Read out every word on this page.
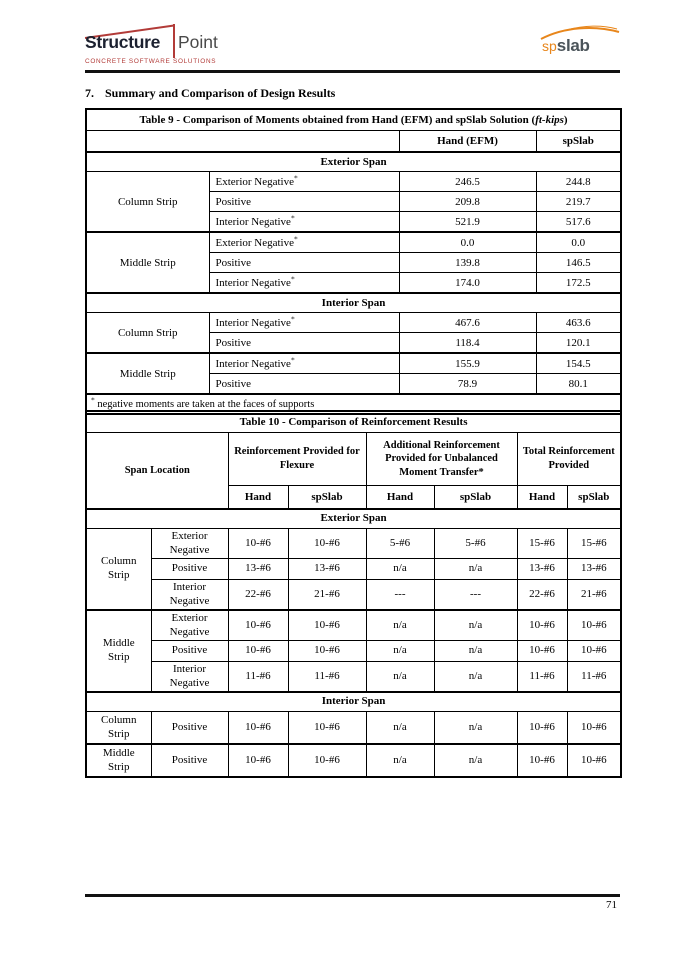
Structure Point
CONCRETE SOFTWARE SOLUTIONS
spslab
7. Summary and Comparison of Design Results
Table 9 - Comparison of Moments obtained from Hand (EFM) and spSlab Solution (ft-kips)			
		Hand (EFM)	spSlab
Exterior Span			
Column Strip	Exterior Negative*	246.5	244.8
	Positive	209.8	219.7
	Interior Negative*	521.9	517.6
Middle Strip	Exterior Negative*	0.0	0.0
	Positive	139.8	146.5
	Interior Negative*	174.0	172.5
Interior Span			
Column Strip	Interior Negative*	467.6	463.6
	Positive	118.4	120.1
Middle Strip	Interior Negative*	155.9	154.5
	Positive	78.9	80.1
* negative moments are taken at the faces of supports			
Table 10 - Comparison of Reinforcement Results							
Span Location		Reinforcement Provided for Flexure		Additional Reinforcement Provided for Unbalanced Moment Transfer*		Total Reinforcement Provided	
		Hand	spSlab	Hand	spSlab	Hand	spSlab
Exterior Span							
Column Strip	Exterior Negative	10-#6	10-#6	5-#6	5-#6	15-#6	15-#6
	Positive	13-#6	13-#6	n/a	n/a	13-#6	13-#6
	Interior Negative	22-#6	21-#6	---	---	22-#6	21-#6
Middle Strip	Exterior Negative	10-#6	10-#6	n/a	n/a	10-#6	10-#6
	Positive	10-#6	10-#6	n/a	n/a	10-#6	10-#6
	Interior Negative	11-#6	11-#6	n/a	n/a	11-#6	11-#6
Interior Span							
Column Strip	Positive	10-#6	10-#6	n/a	n/a	10-#6	10-#6
Middle Strip	Positive	10-#6	10-#6	n/a	n/a	10-#6	10-#6
71
